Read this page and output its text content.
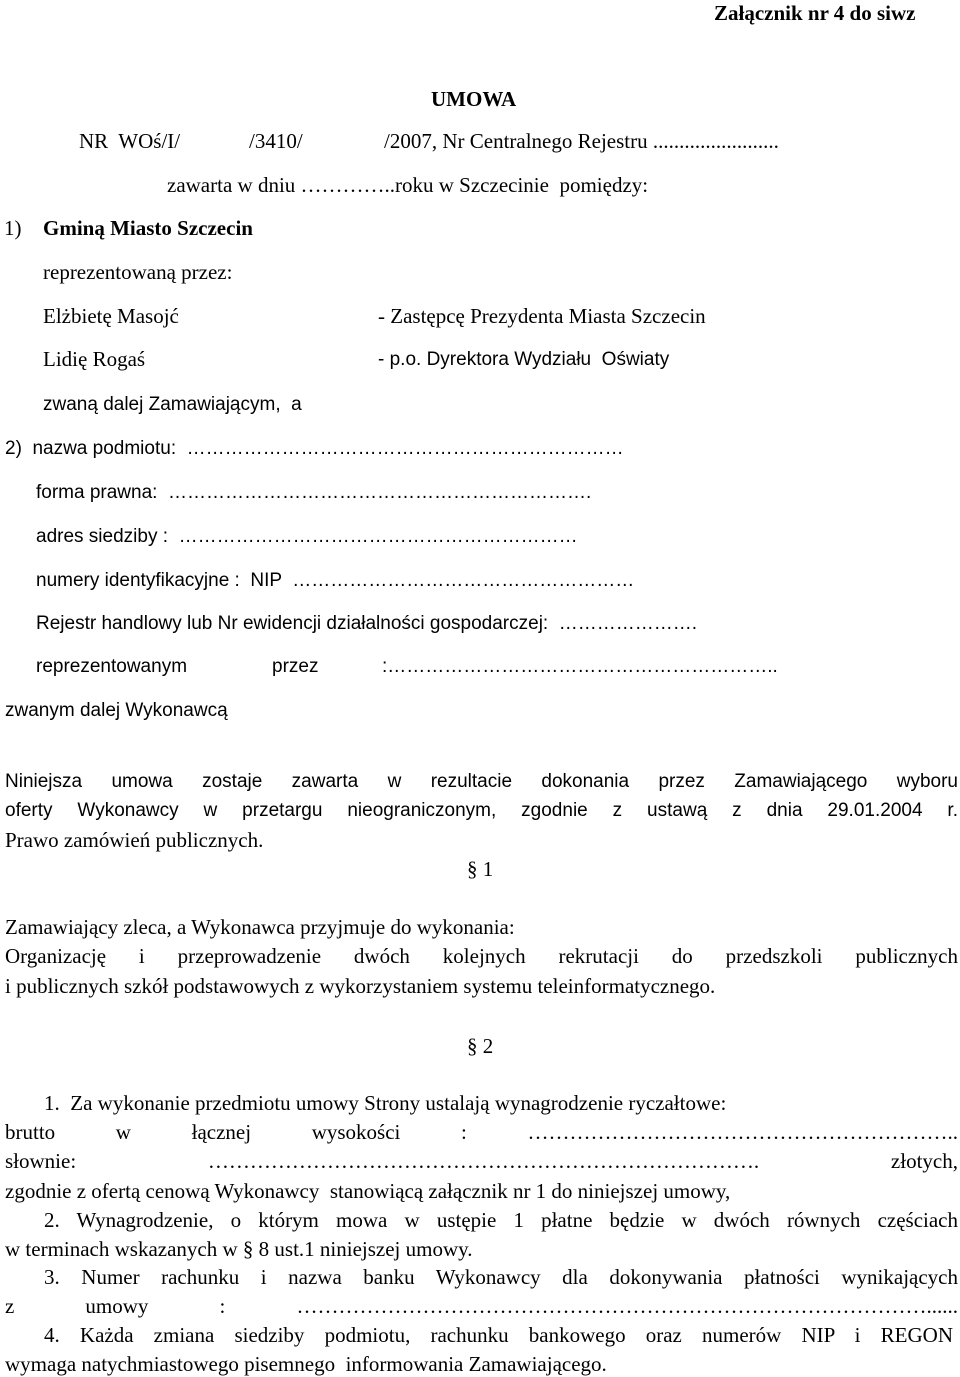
Załącznik nr 4 do siwz
UMOWA
NR  WOś/I/	/3410/	/2007, Nr Centralnego Rejestru ........................
zawarta w dniu …………..roku w Szczecinie  pomiędzy:
1) Gminą Miasto Szczecin
reprezentowaną przez:
Elżbietę Masojć	- Zastępcę Prezydenta Miasta Szczecin
Lidię Rogaś	- p.o. Dyrektora Wydziału  Oświaty
zwaną dalej Zamawiającym,  a
2)  nazwa podmiotu:  ……………………………………………………………
forma prawna:  ………………………………………………………….
adres siedziby :  ………………………………………………………
numery identyfikacyjne :  NIP  ………………………………………………
Rejestr handlowy lub Nr ewidencji działalności gospodarczej:  ………………….
reprezentowanym	przez	:……………………………………………………..
zwanym dalej Wykonawcą
Niniejsza umowa zostaje zawarta w rezultacie dokonania przez Zamawiającego wyboru
oferty Wykonawcy w przetargu nieograniczonym, zgodnie z ustawą z dnia 29.01.2004 r.
Prawo zamówień publicznych.
§ 1
Zamawiający zleca, a Wykonawca przyjmuje do wykonania:
Organizację i przeprowadzenie dwóch kolejnych rekrutacji do przedszkoli publicznych
i publicznych szkół podstawowych z wykorzystaniem systemu teleinformatycznego.
§ 2
1.  Za wykonanie przedmiotu umowy Strony ustalają wynagrodzenie ryczałtowe:
brutto w łącznej wysokości : ……………………………………………………..
słownie: ……………………………………………………………………. złotych,
zgodnie z ofertą cenową Wykonawcy  stanowiącą załącznik nr 1 do niniejszej umowy,
2. Wynagrodzenie, o którym mowa w ustępie 1 płatne będzie w dwóch równych częściach
w terminach wskazanych w § 8 ust.1 niniejszej umowy.
3. Numer rachunku i nazwa banku Wykonawcy dla dokonywania płatności wynikających
z umowy : ………………………………………………………………………………......
4. Każda zmiana siedziby podmiotu, rachunku bankowego oraz numerów NIP i REGON
wymaga natychmiastowego pisemnego  informowania Zamawiającego.
